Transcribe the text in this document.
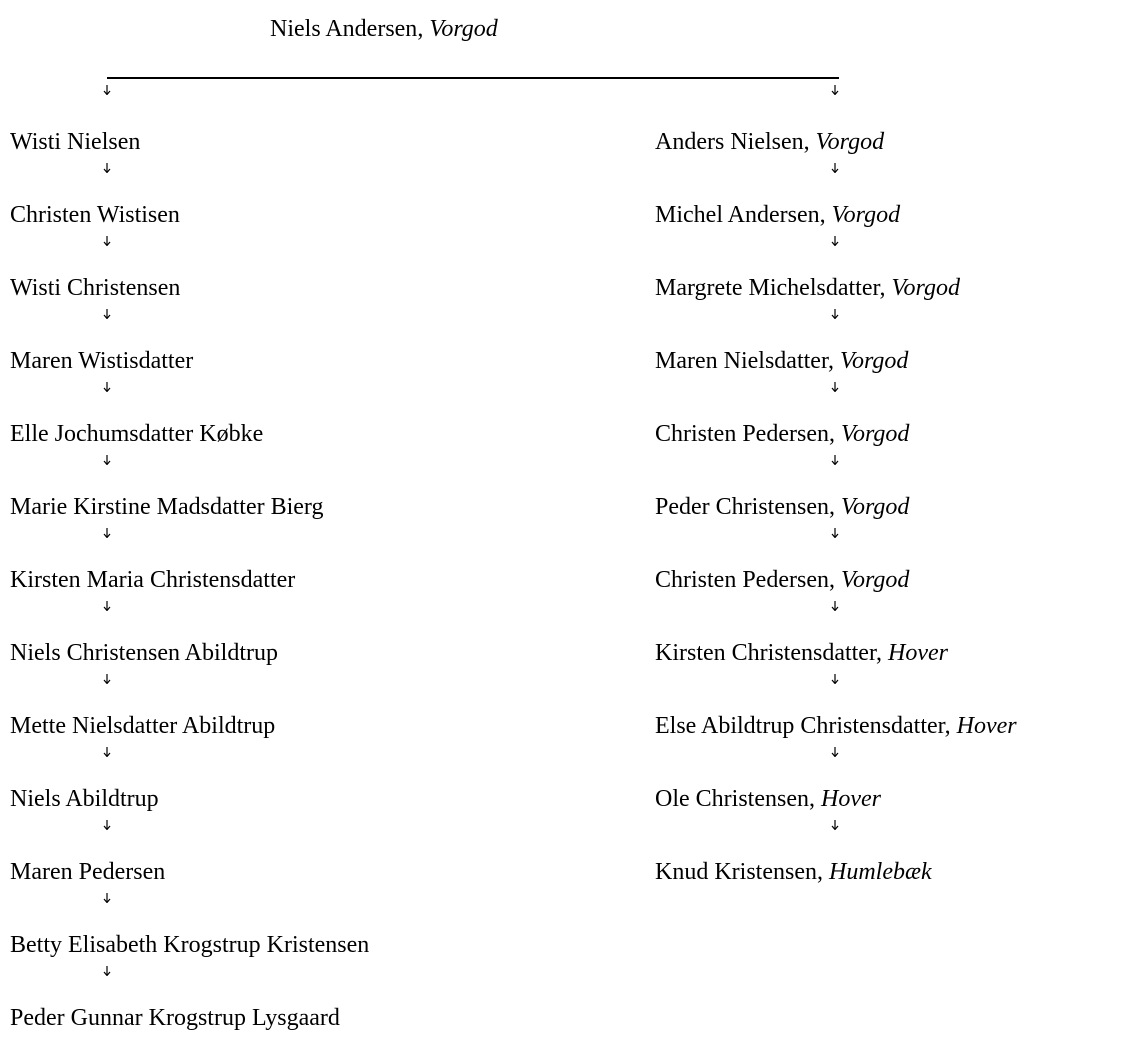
Niels Andersen, Vorgod
Wisti Nielsen
Christen Wistisen
Wisti Christensen
Maren Wistisdatter
Elle Jochumsdatter Købke
Marie Kirstine Madsdatter Bierg
Kirsten Maria Christensdatter
Niels Christensen Abildtrup
Mette Nielsdatter Abildtrup
Niels Abildtrup
Maren Pedersen
Betty Elisabeth Krogstrup Kristensen
Peder Gunnar Krogstrup Lysgaard
Anders Nielsen, Vorgod
Michel Andersen, Vorgod
Margrete Michelsdatter, Vorgod
Maren Nielsdatter, Vorgod
Christen Pedersen, Vorgod
Peder Christensen, Vorgod
Christen Pedersen, Vorgod
Kirsten Christensdatter, Hover
Else Abildtrup Christensdatter, Hover
Ole Christensen, Hover
Knud Kristensen, Humlebæk
